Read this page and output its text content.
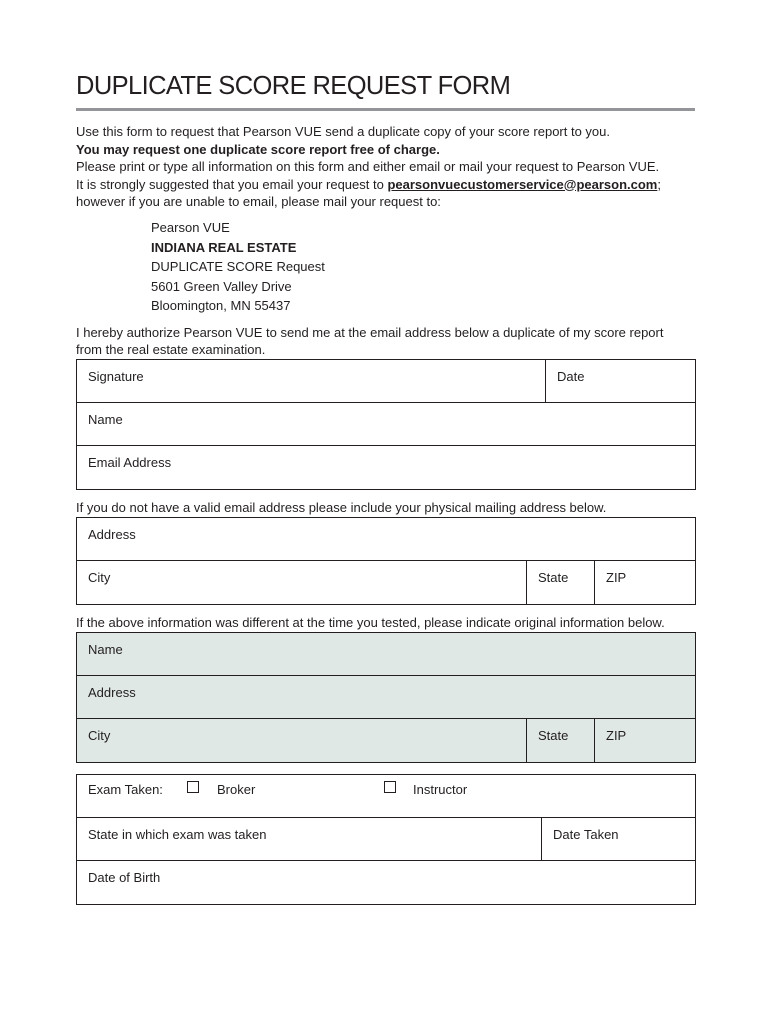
DUPLICATE SCORE REQUEST FORM
Use this form to request that Pearson VUE send a duplicate copy of your score report to you.
You may request one duplicate score report free of charge.
Please print or type all information on this form and either email or mail your request to Pearson VUE.
It is strongly suggested that you email your request to pearsonvuecustomerservice@pearson.com;
however if you are unable to email, please mail your request to:
Pearson VUE
INDIANA REAL ESTATE
DUPLICATE SCORE Request
5601 Green Valley Drive
Bloomington, MN 55437
I hereby authorize Pearson VUE to send me at the email address below a duplicate of my score report
from the real estate examination.
Signature	Date
Name
Email Address
If you do not have a valid email address please include your physical mailing address below.
Address
City	State	ZIP
If the above information was different at the time you tested, please indicate original information below.
Name
Address
City	State	ZIP
Exam Taken:	Broker	Instructor
State in which exam was taken	Date Taken
Date of Birth
